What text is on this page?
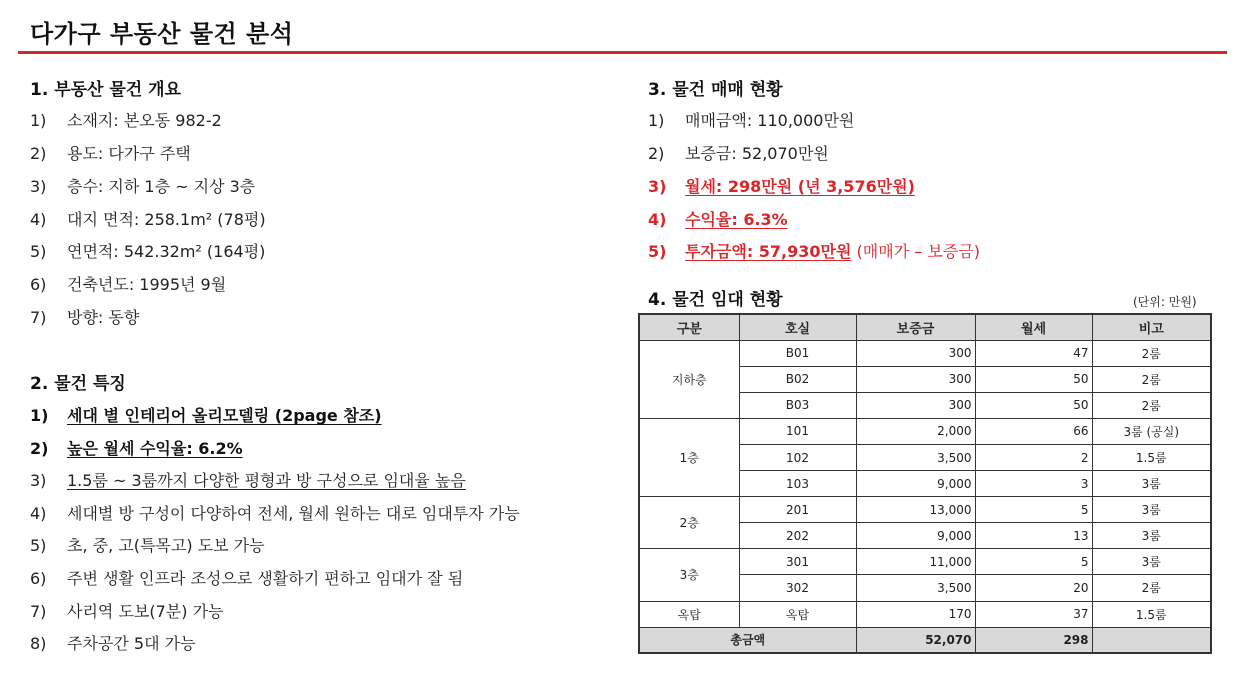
다가구 부동산 물건 분석
1. 부동산 물건 개요
1) 소재지: 본오동 982-2
2) 용도: 다가구 주택
3) 층수: 지하 1층 ~ 지상 3층
4) 대지 면적: 258.1m² (78평)
5) 연면적: 542.32m² (164평)
6) 건축년도: 1995년 9월
7) 방향: 동향
2. 물건 특징
1) 세대 별 인테리어 올리모델링 (2page 참조)
2) 높은 월세 수익율: 6.2%
3) 1.5룸 ~ 3룸까지 다양한 평형과 방 구성으로 임대율 높음
4) 세대별 방 구성이 다양하여 전세, 월세 원하는 대로 임대투자 가능
5) 초, 중, 고(특목고) 도보 가능
6) 주변 생활 인프라 조성으로 생활하기 편하고 임대가 잘 됨
7) 사리역 도보(7분) 가능
8) 주차공간 5대 가능
3. 물건 매매 현황
1) 매매금액: 110,000만원
2) 보증금: 52,070만원
3) 월세: 298만원 (년 3,576만원)
4) 수익율: 6.3%
5) 투자금액: 57,930만원 (매매가 – 보증금)
4. 물건 임대 현황	(단위: 만원)
구분	호실	보증금	월세	비고
지하층	B01	300	47	2룸
	B02	300	50	2룸
	B03	300	50	2룸
1층	101	2,000	66	3룸 (공실)
	102	3,500	2	1.5룸
	103	9,000	3	3룸
2층	201	13,000	5	3룸
	202	9,000	13	3룸
3층	301	11,000	5	3룸
	302	3,500	20	2룸
옥탑	옥탑	170	37	1.5룸
총금액		52,070	298	
